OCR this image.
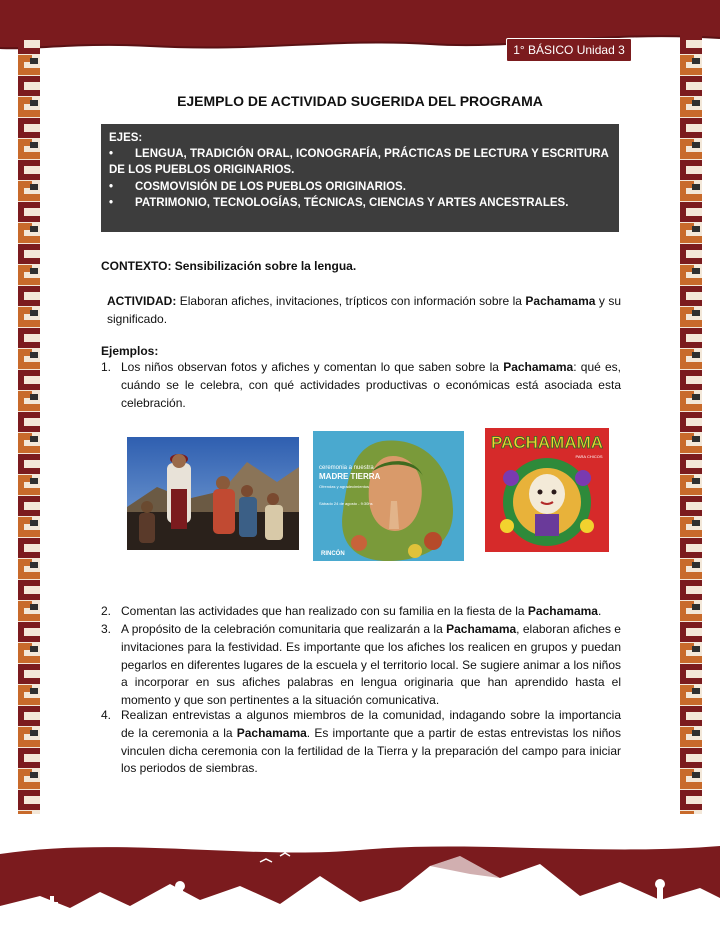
1° BÁSICO Unidad 3
EJEMPLO DE ACTIVIDAD SUGERIDA DEL PROGRAMA
EJES:
• LENGUA, TRADICIÓN ORAL, ICONOGRAFÍA, PRÁCTICAS DE LECTURA Y ESCRITURA DE LOS PUEBLOS ORIGINARIOS.
• COSMOVISIÓN DE LOS PUEBLOS ORIGINARIOS.
• PATRIMONIO, TECNOLOGÍAS, TÉCNICAS, CIENCIAS Y ARTES ANCESTRALES.
CONTEXTO: Sensibilización sobre la lengua.
ACTIVIDAD: Elaboran afiches, invitaciones, trípticos con información sobre la Pachamama y su significado.
Ejemplos:
1. Los niños observan fotos y afiches y comentan lo que saben sobre la Pachamama: qué es, cuándo se le celebra, con qué actividades productivas o económicas está asociada esta celebración.
ceremonia a nuestra
MADRE TIERRA
Ofrendas y agradecimientos
Sábado 24 de agosto - 9:30hs
RINCÓN
PACHAMAMA
PARA CHICOS
2. Comentan las actividades que han realizado con su familia en la fiesta de la Pachamama.
3. A propósito de la celebración comunitaria que realizarán a la Pachamama, elaboran afiches e invitaciones para la festividad. Es importante que los afiches los realicen en grupos y puedan pegarlos en diferentes lugares de la escuela y el territorio local. Se sugiere animar a los niños a incorporar en sus afiches palabras en lengua originaria que han aprendido hasta el momento y que son pertinentes a la situación comunicativa.
4. Realizan entrevistas a algunos miembros de la comunidad, indagando sobre la importancia de la ceremonia a la Pachamama. Es importante que a partir de estas entrevistas los niños vinculen dicha ceremonia con la fertilidad de la Tierra y la preparación del campo para iniciar los periodos de siembras.
